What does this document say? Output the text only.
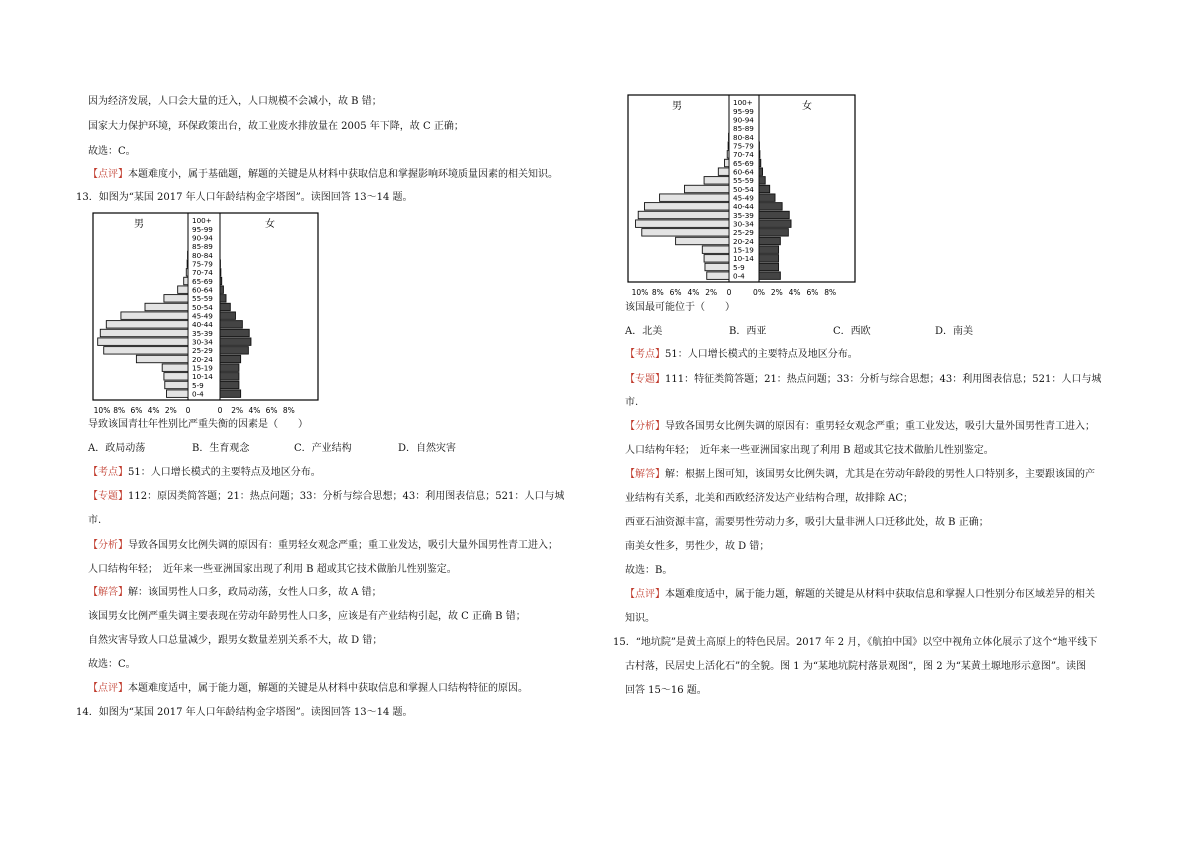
因为经济发展，人口会大量的迁入，人口规模不会减小，故 B 错；
国家大力保护环境，环保政策出台，故工业废水排放量在 2005 年下降，故 C 正确；
故选：C。
【点评】本题难度小，属于基础题，解题的关键是从材料中获取信息和掌握影响环境质量因素的相关知识。
13．如图为“某国 2017 年人口年龄结构金字塔图”。读图回答 13～14 题。
0-4
5-9
10-14
15-19
20-24
25-29
30-34
35-39
40-44
45-49
50-54
55-59
60-64
65-69
70-74
75-79
80-84
85-89
90-94
95-99
100+
10% 8% 6% 4% 2% 0	0 2% 4% 6% 8%
男	女
导致该国青壮年性别比严重失衡的因素是（　　）
A．政局动荡	B．生育观念	C．产业结构	D．自然灾害
【考点】51：人口增长模式的主要特点及地区分布。
【专题】112：原因类简答题；21：热点问题；33：分析与综合思想；43：利用图表信息；521：人口与城
市.
【分析】导致各国男女比例失调的原因有：重男轻女观念严重；重工业发达，吸引大量外国男性青工进入；
人口结构年轻；　近年来一些亚洲国家出现了利用 B 超或其它技术做胎儿性别鉴定。
【解答】解：该国男性人口多，政局动荡，女性人口多，故 A 错；
该国男女比例严重失调主要表现在劳动年龄男性人口多，应该是有产业结构引起，故 C 正确 B 错；
自然灾害导致人口总量减少，跟男女数量差别关系不大，故 D 错；
故选：C。
【点评】本题难度适中，属于能力题，解题的关键是从材料中获取信息和掌握人口结构特征的原因。
14．如图为“某国 2017 年人口年龄结构金字塔图”。读图回答 13～14 题。
0-4
5-9
10-14
15-19
20-24
25-29
30-34
35-39
40-44
45-49
50-54
55-59
60-64
65-69
70-74
75-79
80-84
85-89
90-94
95-99
100+
10% 8% 6% 4% 2% 0	0% 2% 4% 6% 8%
男	女
该国最可能位于（　　）
A．北美	B．西亚	C．西欧	D．南美
【考点】51：人口增长模式的主要特点及地区分布。
【专题】111：特征类简答题；21：热点问题；33：分析与综合思想；43：利用图表信息；521：人口与城
市.
【分析】导致各国男女比例失调的原因有：重男轻女观念严重；重工业发达，吸引大量外国男性青工进入；
人口结构年轻；　近年来一些亚洲国家出现了利用 B 超或其它技术做胎儿性别鉴定。
【解答】解：根据上图可知，该国男女比例失调，尤其是在劳动年龄段的男性人口特别多，主要跟该国的产
业结构有关系，北美和西欧经济发达产业结构合理，故排除 AC；
西亚石油资源丰富，需要男性劳动力多，吸引大量非洲人口迁移此处，故 B 正确；
南美女性多，男性少，故 D 错；
故选：B。
【点评】本题难度适中，属于能力题，解题的关键是从材料中获取信息和掌握人口性别分布区域差异的相关
知识。
15．“地坑院”是黄土高原上的特色民居。2017 年 2 月，《航拍中国》以空中视角立体化展示了这个“地平线下
古村落，民居史上活化石”的全貌。图 1 为“某地坑院村落景观图”，图 2 为“某黄土塬地形示意图”。读图
回答 15～16 题。
